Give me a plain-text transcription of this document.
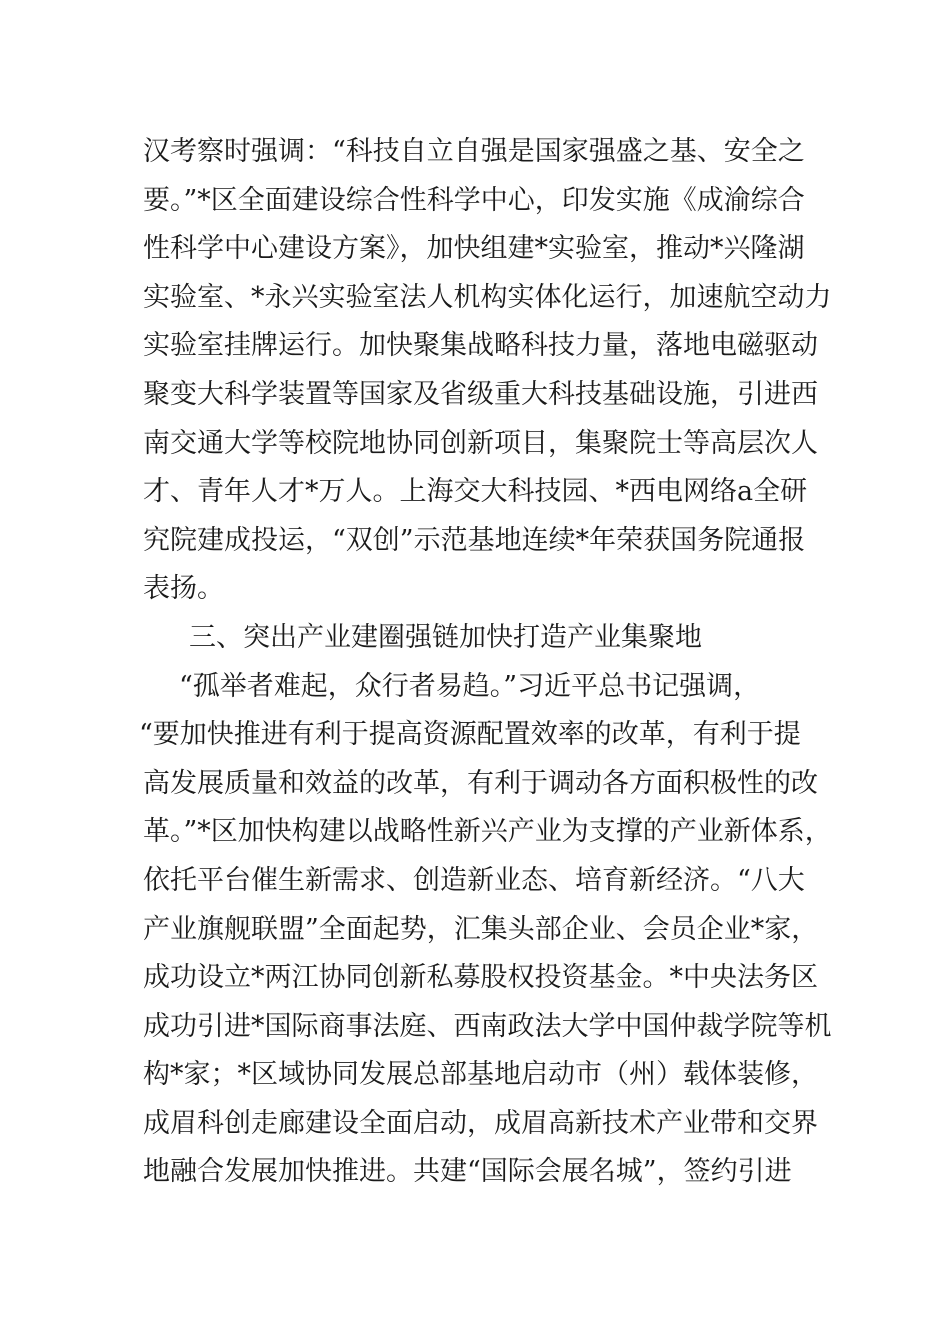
汉考察时强调：“科技自立自强是国家强盛之基、安全之
要。”*区全面建设综合性科学中心，印发实施《成渝综合
性科学中心建设方案》，加快组建*实验室，推动*兴隆湖
实验室、*永兴实验室法人机构实体化运行，加速航空动力
实验室挂牌运行。加快聚集战略科技力量，落地电磁驱动
聚变大科学装置等国家及省级重大科技基础设施，引进西
南交通大学等校院地协同创新项目，集聚院士等高层次人
才、青年人才*万人。上海交大科技园、*西电网络a全研
究院建成投运，“双创”示范基地连续*年荣获国务院通报
表扬。
三、突出产业建圈强链加快打造产业集聚地
“孤举者难起，众行者易趋。”习近平总书记强调，
“要加快推进有利于提高资源配置效率的改革，有利于提
高发展质量和效益的改革，有利于调动各方面积极性的改
革。”*区加快构建以战略性新兴产业为支撑的产业新体系，
依托平台催生新需求、创造新业态、培育新经济。“八大
产业旗舰联盟”全面起势，汇集头部企业、会员企业*家，
成功设立*两江协同创新私募股权投资基金。*中央法务区
成功引进*国际商事法庭、西南政法大学中国仲裁学院等机
构*家；*区域协同发展总部基地启动市（州）载体装修，
成眉科创走廊建设全面启动，成眉高新技术产业带和交界
地融合发展加快推进。共建“国际会展名城”，签约引进
